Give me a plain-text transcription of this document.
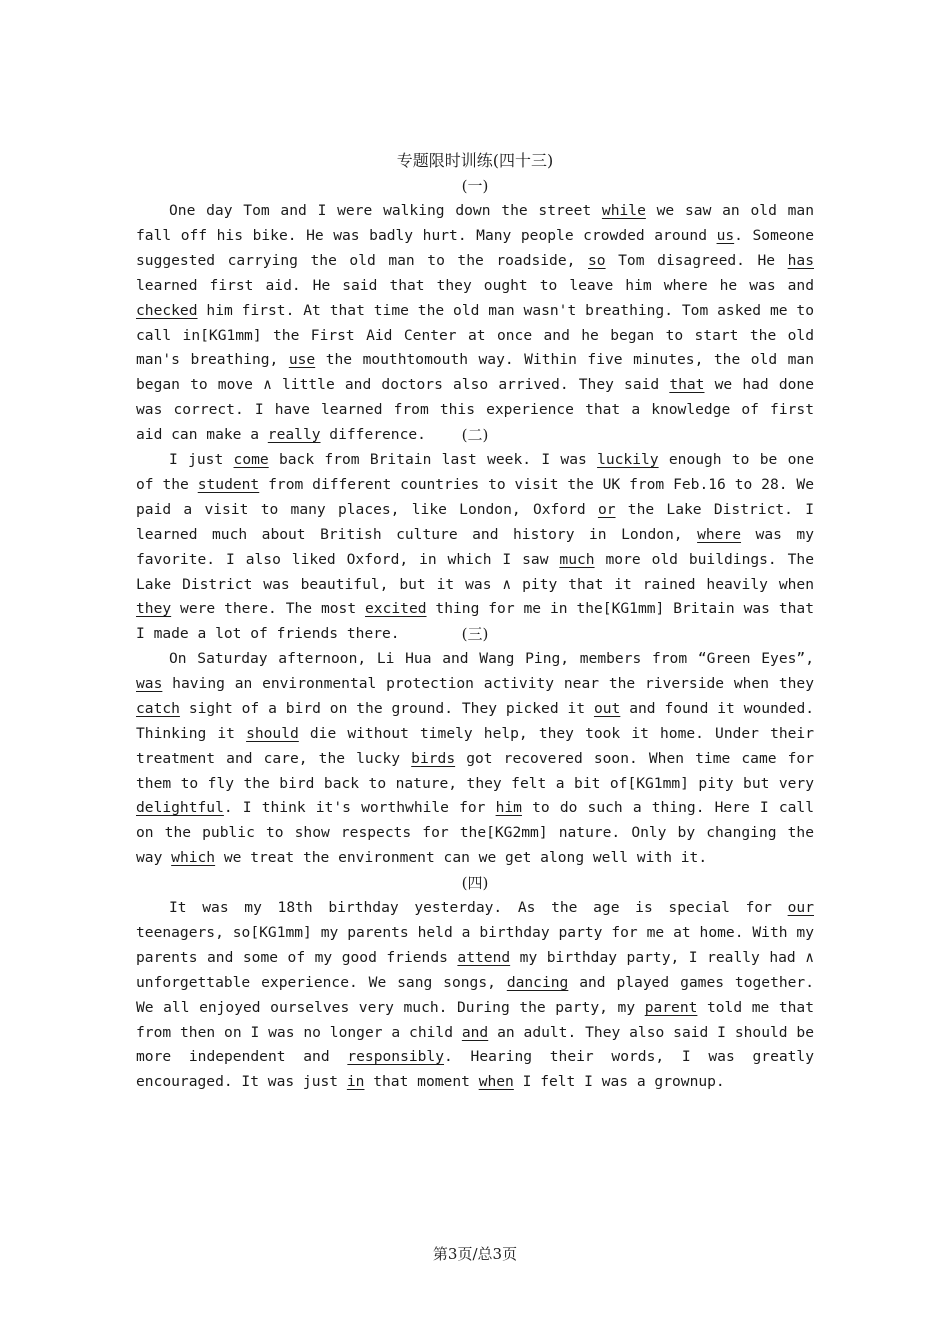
专题限时训练(四十三)
(一)

One day Tom and I were walking down the street while we saw an old man fall off his bike. He was badly hurt. Many people crowded around us. Someone suggested carrying the old man to the roadside, so Tom disagreed. He has learned first aid. He said that they ought to leave him where he was and checked him first. At that time the old man wasn't breathing. Tom asked me to call in[KG1mm] the First Aid Center at once and he began to start the old man's breathing, use the mouthtomouth way. Within five minutes, the old man began to move ∧ little and doctors also arrived. They said that we had done was correct. I have learned from this experience that a knowledge of first aid can make a really difference.	(二)

I just come back from Britain last week. I was luckily enough to be one of the student from different countries to visit the UK from Feb.16 to 28. We paid a visit to many places, like London, Oxford or the Lake District. I learned much about British culture and history in London, where was my favorite. I also liked Oxford, in which I saw much more old buildings. The Lake District was beautiful, but it was ∧ pity that it rained heavily when they were there. The most excited thing for me in the[KG1mm] Britain was that I made a lot of friends there.	(三)

On Saturday afternoon, Li Hua and Wang Ping, members from “Green Eyes”, was having an environmental protection activity near the riverside when they catch sight of a bird on the ground. They picked it out and found it wounded. Thinking it should die without timely help, they took it home. Under their treatment and care, the lucky birds got recovered soon. When time came for them to fly the bird back to nature, they felt a bit of[KG1mm] pity but very delightful. I think it's worthwhile for him to do such a thing. Here I call on the public to show respects for the[KG2mm] nature. Only by changing the way which we treat the environment can we get along well with it.

(四)

It was my 18th birthday yesterday. As the age is special for our teenagers, so[KG1mm] my parents held a birthday party for me at home. With my parents and some of my good friends attend my birthday party, I really had ∧ unforgettable experience. We sang songs, dancing and played games together. We all enjoyed ourselves very much. During the party, my parent told me that from then on I was no longer a child and an adult. They also said I should be more independent and responsibly. Hearing their words, I was greatly encouraged. It was just in that moment when I felt I was a grownup.

第3页/总3页
